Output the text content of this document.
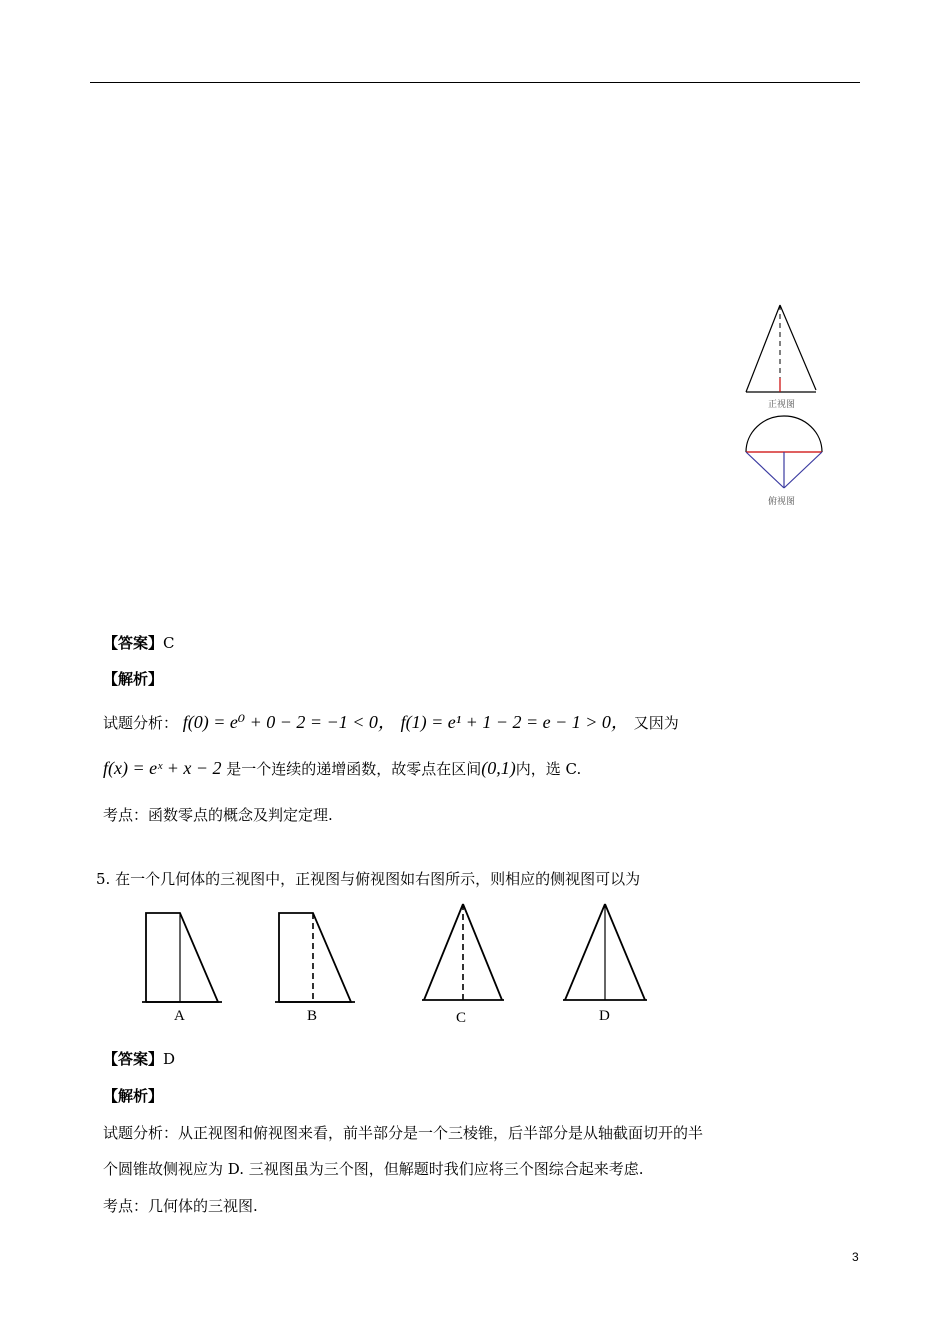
正视图
俯视图
【答案】C
【解析】
试题分析： f(0) = e⁰ + 0 − 2 = −1 < 0， f(1) = e¹ + 1 − 2 = e − 1 > 0， 又因为
f(x) = eˣ + x − 2 是一个连续的递增函数，故零点在区间(0,1)内，选 C.
考点：函数零点的概念及判定定理.
5. 在一个几何体的三视图中，正视图与俯视图如右图所示，则相应的侧视图可以为
A	B	C	D
【答案】D
【解析】
试题分析：从正视图和俯视图来看，前半部分是一个三棱锥，后半部分是从轴截面切开的半
个圆锥故侧视应为 D. 三视图虽为三个图，但解题时我们应将三个图综合起来考虑.
考点：几何体的三视图.
3
